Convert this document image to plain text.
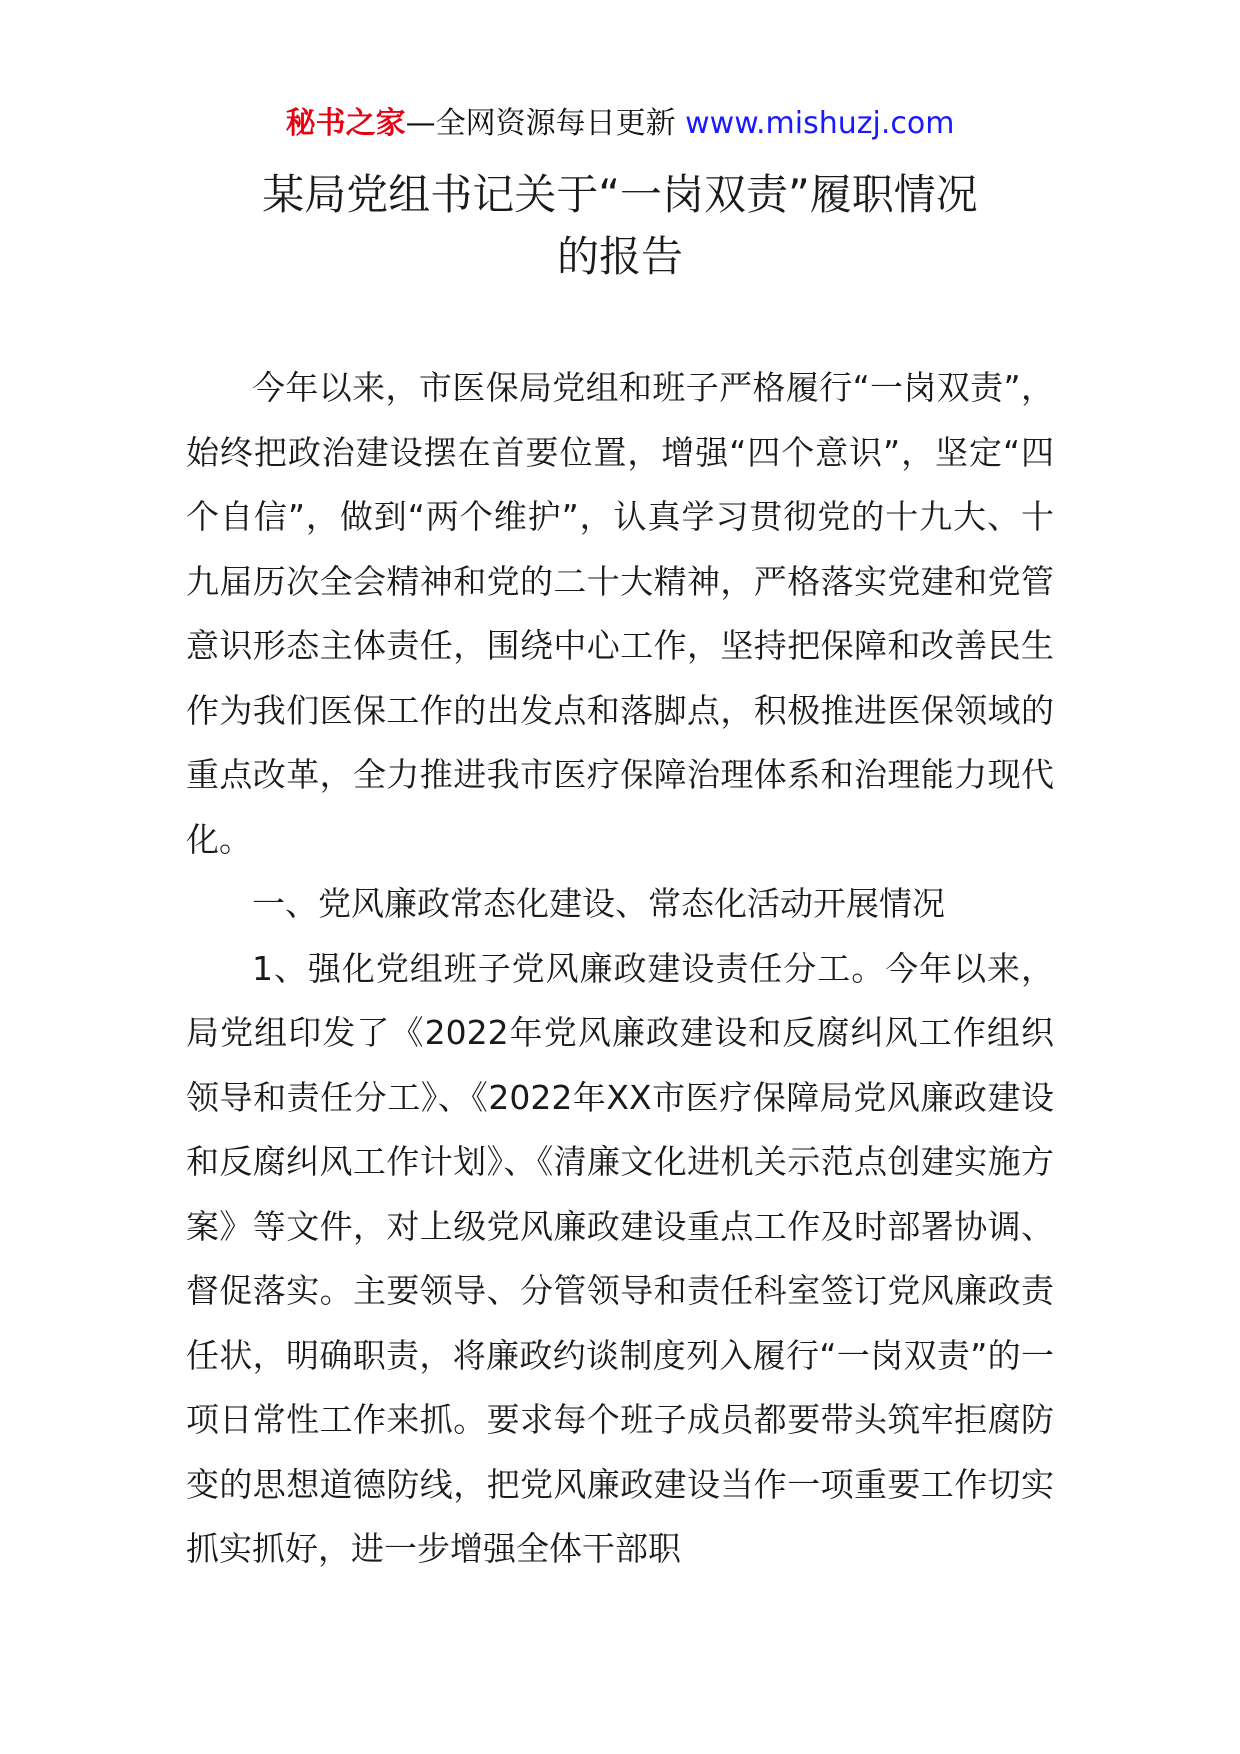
秘书之家—全网资源每日更新 www.mishuzj.com
某局党组书记关于“一岗双责”履职情况
的报告

今年以来，市医保局党组和班子严格履行“一岗双责”，始终把政治建设摆在首要位置，增强“四个意识”，坚定“四个自信”，做到“两个维护”，认真学习贯彻党的十九大、十九届历次全会精神和党的二十大精神，严格落实党建和党管意识形态主体责任，围绕中心工作，坚持把保障和改善民生作为我们医保工作的出发点和落脚点，积极推进医保领域的重点改革，全力推进我市医疗保障治理体系和治理能力现代化。

一、党风廉政常态化建设、常态化活动开展情况

1、强化党组班子党风廉政建设责任分工。今年以来，局党组印发了《2022年党风廉政建设和反腐纠风工作组织领导和责任分工》、《2022年XX市医疗保障局党风廉政建设和反腐纠风工作计划》、《清廉文化进机关示范点创建实施方案》等文件，对上级党风廉政建设重点工作及时部署协调、督促落实。主要领导、分管领导和责任科室签订党风廉政责任状，明确职责，将廉政约谈制度列入履行“一岗双责”的一项日常性工作来抓。要求每个班子成员都要带头筑牢拒腐防变的思想道德防线，把党风廉政建设当作一项重要工作切实抓实抓好，进一步增强全体干部职
